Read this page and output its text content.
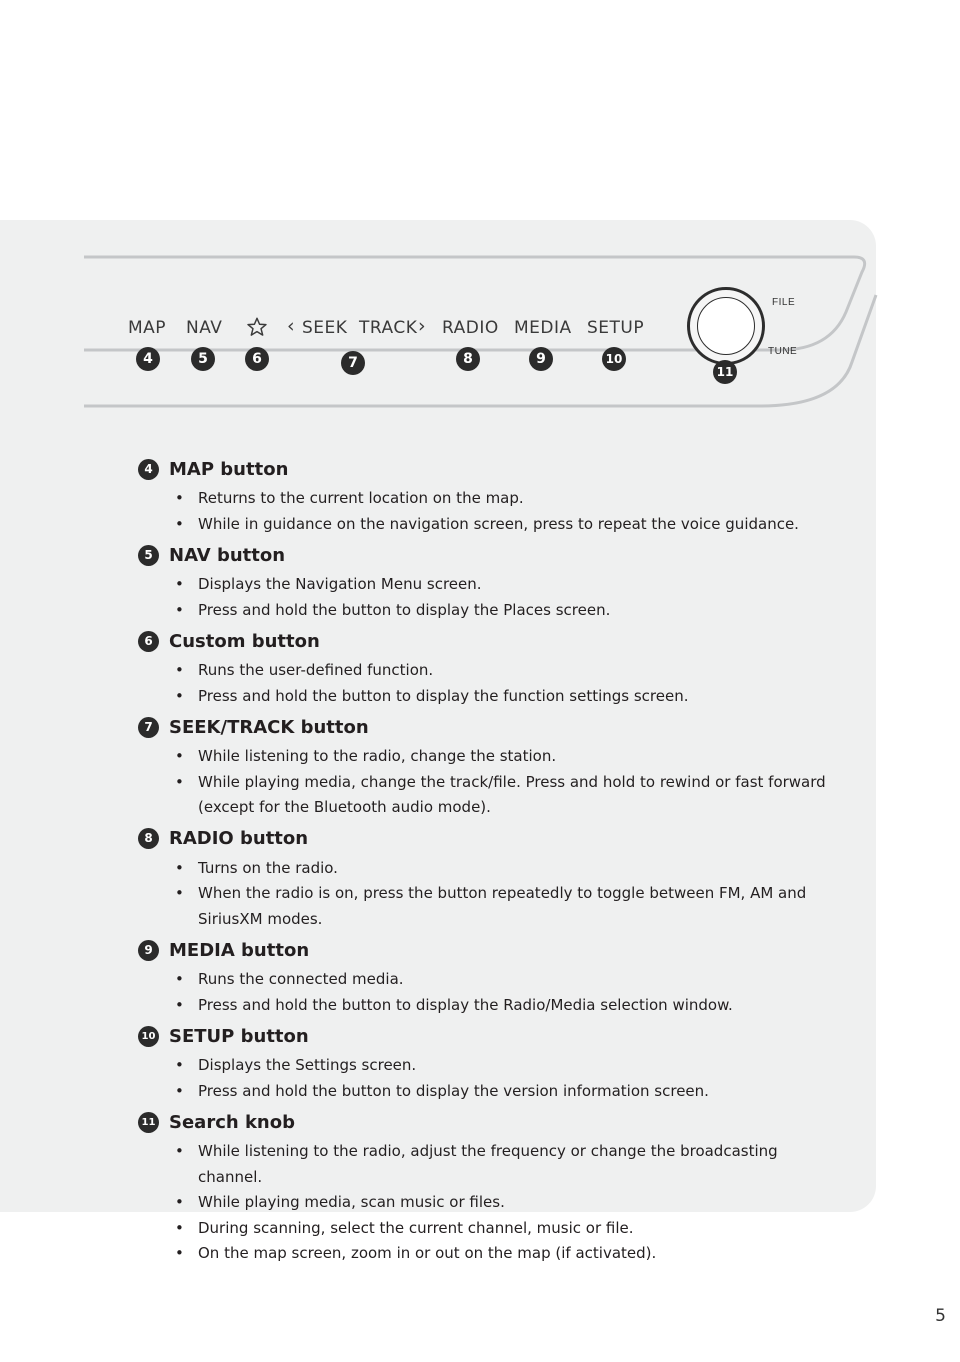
MAP NAV	‹ SEEK TRACK › RADIO MEDIA SETUP
FILE
TUNE
4	5	6	7	8	9	10
11
4 MAP button
• Returns to the current location on the map.
• While in guidance on the navigation screen, press to repeat the voice guidance.
5 NAV button
• Displays the Navigation Menu screen.
• Press and hold the button to display the Places screen.
6 Custom button
• Runs the user-defined function.
• Press and hold the button to display the function settings screen.
7 SEEK/TRACK button
• While listening to the radio, change the station.
• While playing media, change the track/file. Press and hold to rewind or fast forward (except for the Bluetooth audio mode).
8 RADIO button
• Turns on the radio.
• When the radio is on, press the button repeatedly to toggle between FM, AM and SiriusXM modes.
9 MEDIA button
• Runs the connected media.
• Press and hold the button to display the Radio/Media selection window.
10 SETUP button
• Displays the Settings screen.
• Press and hold the button to display the version information screen.
11 Search knob
• While listening to the radio, adjust the frequency or change the broadcasting channel.
• While playing media, scan music or files.
• During scanning, select the current channel, music or file.
• On the map screen, zoom in or out on the map (if activated).
5
